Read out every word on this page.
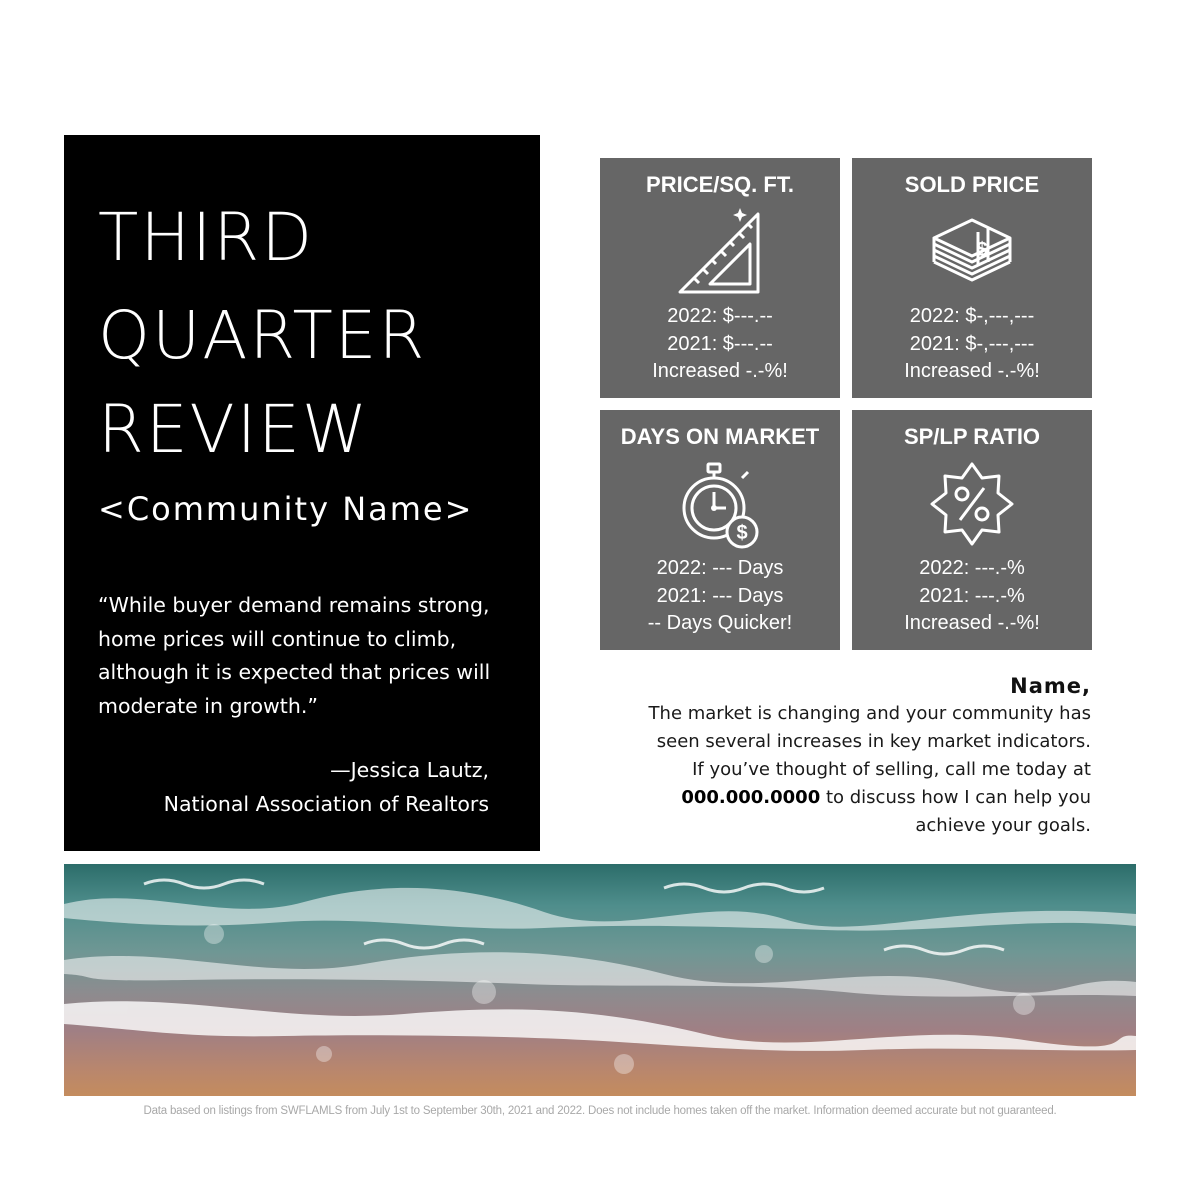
THIRD
QUARTER
REVIEW
<Community Name>
“While buyer demand remains strong, home prices will continue to climb, although it is expected that prices will moderate in growth.”
—Jessica Lautz,
National Association of Realtors
PRICE/SQ. FT.
2022: $---.--
2021: $---.--
Increased -.-%!
SOLD PRICE
$
2022: $-,---,---
2021: $-,---,---
Increased -.-%!
DAYS ON MARKET
$
2022: --- Days
2021: --- Days
-- Days Quicker!
SP/LP RATIO
2022: ---.-%
2021: ---.-%
Increased -.-%!
Name,
The market is changing and your community has
seen several increases in key market indicators.
If you’ve thought of selling, call me today at
000.000.0000 to discuss how I can help you
achieve your goals.
Data based on listings from SWFLAMLS from July 1st to September 30th, 2021 and 2022. Does not include homes taken off the market. Information deemed accurate but not guaranteed.
